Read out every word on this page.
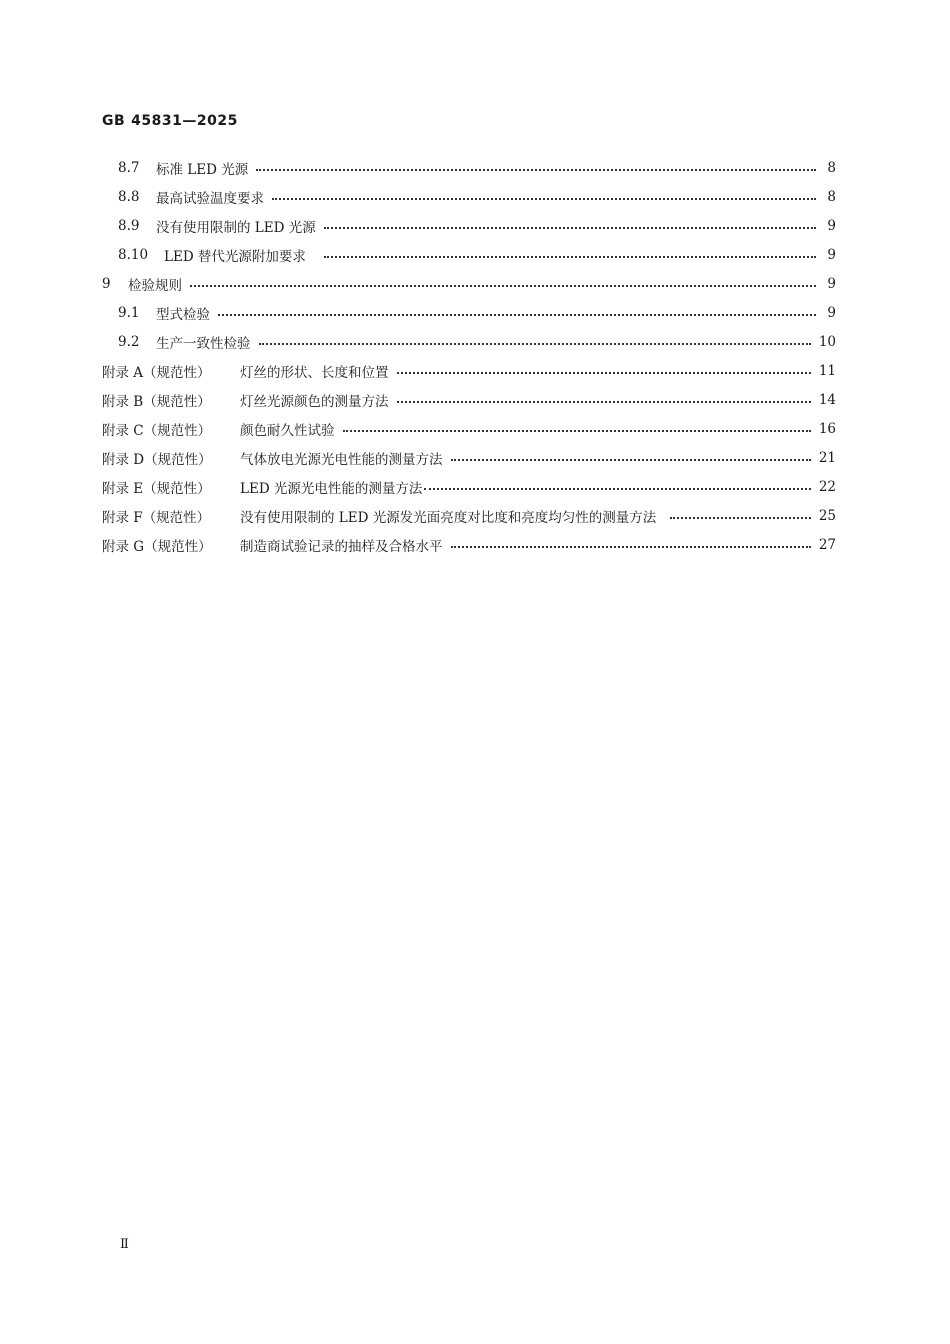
GB 45831—2025
8.7	标准 LED 光源	8
8.8	最高试验温度要求	8
8.9	没有使用限制的 LED 光源	9
8.10	LED 替代光源附加要求	9
9	检验规则	9
9.1	型式检验	9
9.2	生产一致性检验	10
附录 A（规范性）	灯丝的形状、长度和位置	11
附录 B（规范性）	灯丝光源颜色的测量方法	14
附录 C（规范性）	颜色耐久性试验	16
附录 D（规范性）	气体放电光源光电性能的测量方法	21
附录 E（规范性）	LED 光源光电性能的测量方法	22
附录 F（规范性）	没有使用限制的 LED 光源发光面亮度对比度和亮度均匀性的测量方法	25
附录 G（规范性）	制造商试验记录的抽样及合格水平	27
Ⅱ
